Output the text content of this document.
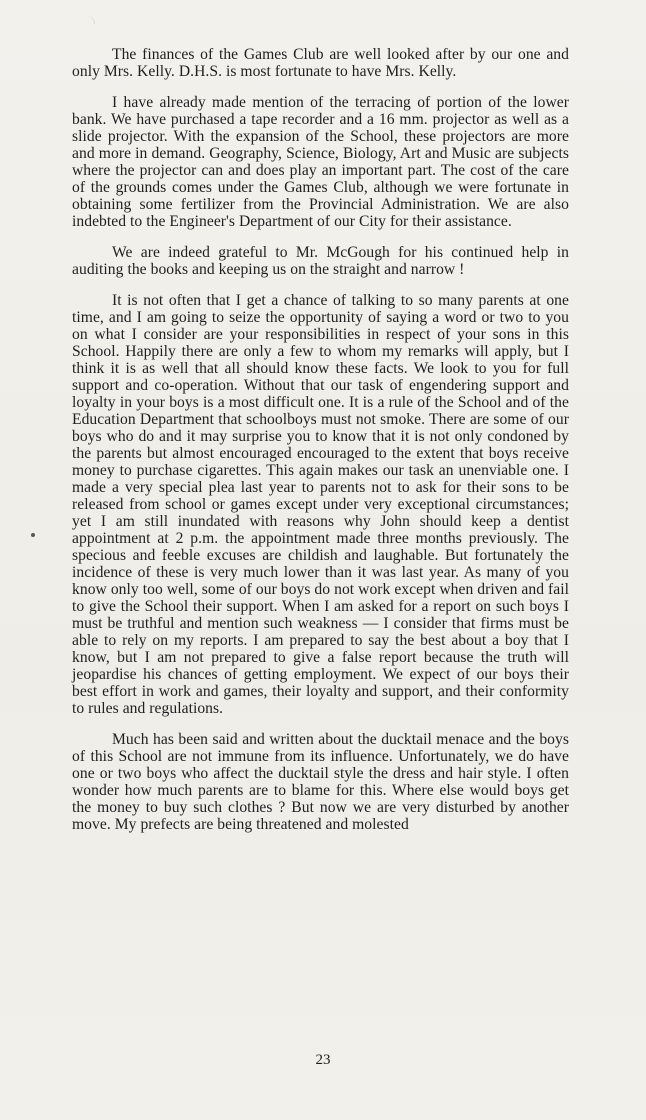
The finances of the Games Club are well looked after by our one and only Mrs. Kelly. D.H.S. is most fortunate to have Mrs. Kelly.

I have already made mention of the terracing of portion of the lower bank. We have purchased a tape recorder and a 16 mm. projector as well as a slide projector. With the expansion of the School, these projectors are more and more in demand. Geography, Science, Biology, Art and Music are subjects where the projector can and does play an important part. The cost of the care of the grounds comes under the Games Club, although we were fortunate in obtaining some fertilizer from the Provincial Administration. We are also indebted to the Engineer's Department of our City for their assistance.

We are indeed grateful to Mr. McGough for his continued help in auditing the books and keeping us on the straight and narrow !

It is not often that I get a chance of talking to so many parents at one time, and I am going to seize the opportunity of saying a word or two to you on what I consider are your responsibilities in respect of your sons in this School. Happily there are only a few to whom my remarks will apply, but I think it is as well that all should know these facts. We look to you for full support and co-operation. Without that our task of engendering support and loyalty in your boys is a most difficult one. It is a rule of the School and of the Education Department that schoolboys must not smoke. There are some of our boys who do and it may surprise you to know that it is not only condoned by the parents but almost encouraged encouraged to the extent that boys receive money to purchase cigarettes. This again makes our task an unenviable one. I made a very special plea last year to parents not to ask for their sons to be released from school or games except under very exceptional circumstances; yet I am still inundated with reasons why John should keep a dentist appointment at 2 p.m. the appointment made three months previously. The specious and feeble excuses are childish and laughable. But fortunately the incidence of these is very much lower than it was last year. As many of you know only too well, some of our boys do not work except when driven and fail to give the School their support. When I am asked for a report on such boys I must be truthful and mention such weakness — I consider that firms must be able to rely on my reports. I am prepared to say the best about a boy that I know, but I am not prepared to give a false report because the truth will jeopardise his chances of getting employment. We expect of our boys their best effort in work and games, their loyalty and support, and their conformity to rules and regulations.

Much has been said and written about the ducktail menace and the boys of this School are not immune from its influence. Unfortunately, we do have one or two boys who affect the ducktail style the dress and hair style. I often wonder how much parents are to blame for this. Where else would boys get the money to buy such clothes ? But now we are very disturbed by another move. My prefects are being threatened and molested

23
